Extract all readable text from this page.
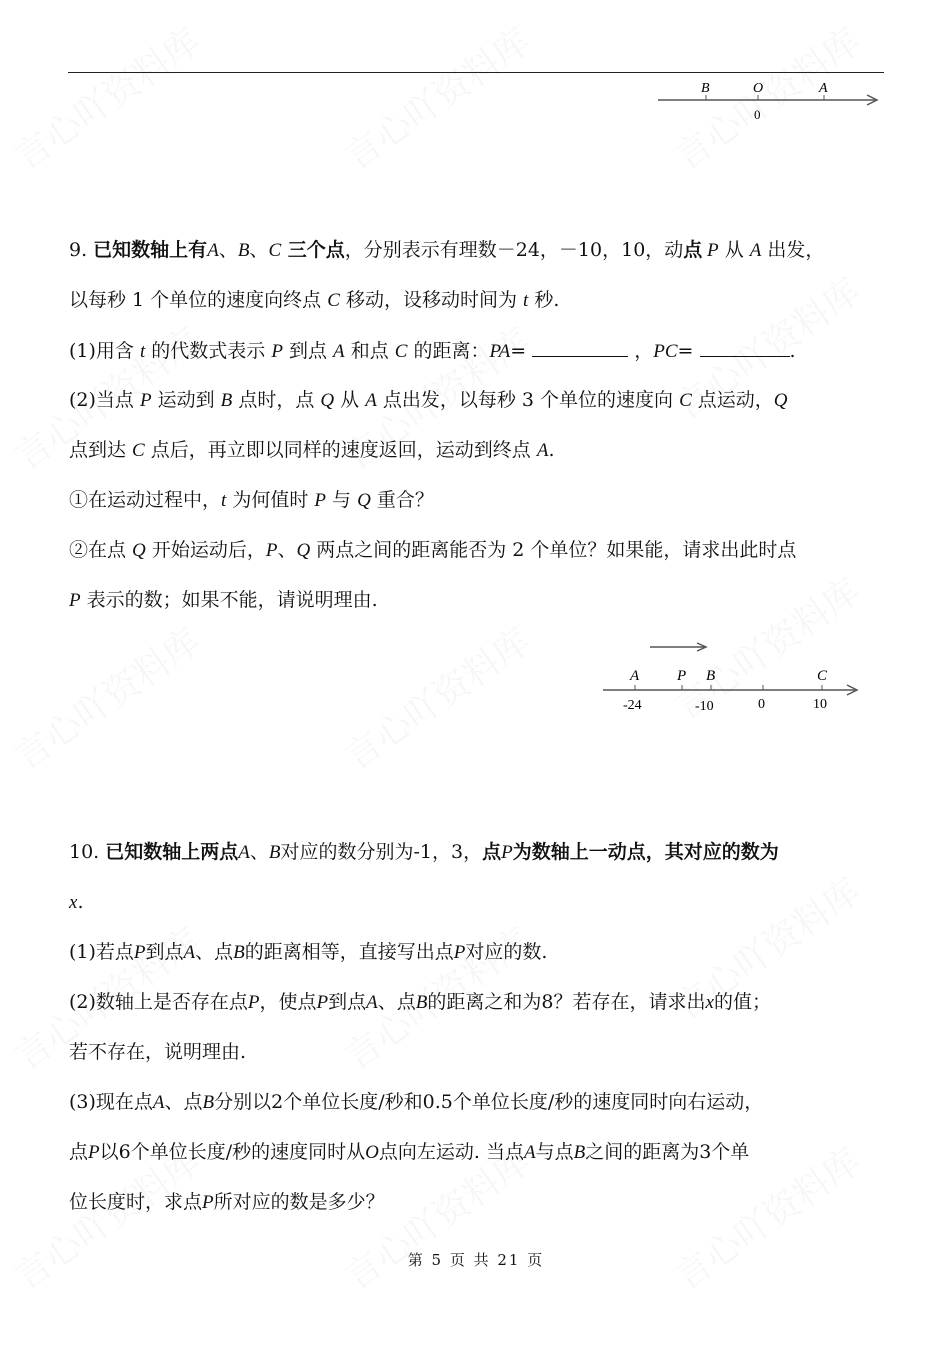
B	O	A
0
9. 已知数轴上有A、B、C 三个点，分别表示有理数－24，－10，10，动点 P 从 A 出发，
以每秒 1 个单位的速度向终点 C 移动，设移动时间为 t 秒.
(1)用含 t 的代数式表示 P 到点 A 和点 C 的距离：PA=	，PC=	.
(2)当点 P 运动到 B 点时，点 Q 从 A 点出发，以每秒 3 个单位的速度向 C 点运动，Q
点到达 C 点后，再立即以同样的速度返回，运动到终点 A.
①在运动过程中，t 为何值时 P 与 Q 重合？
②在点 Q 开始运动后，P、Q 两点之间的距离能否为 2 个单位？如果能，请求出此时点
P 表示的数；如果不能，请说明理由.
A	P B	C
-24	-10	0	10
10. 已知数轴上两点A、B对应的数分别为-1，3，点P为数轴上一动点，其对应的数为
x.
(1)若点P到点A、点B的距离相等，直接写出点P对应的数.
(2)数轴上是否存在点P，使点P到点A、点B的距离之和为8？若存在，请求出x的值；
若不存在，说明理由.
(3)现在点A、点B分别以2个单位长度/秒和0.5个单位长度/秒的速度同时向右运动，
点P以6个单位长度/秒的速度同时从O点向左运动. 当点A与点B之间的距离为3个单
位长度时，求点P所对应的数是多少？
第 5 页 共 21 页
